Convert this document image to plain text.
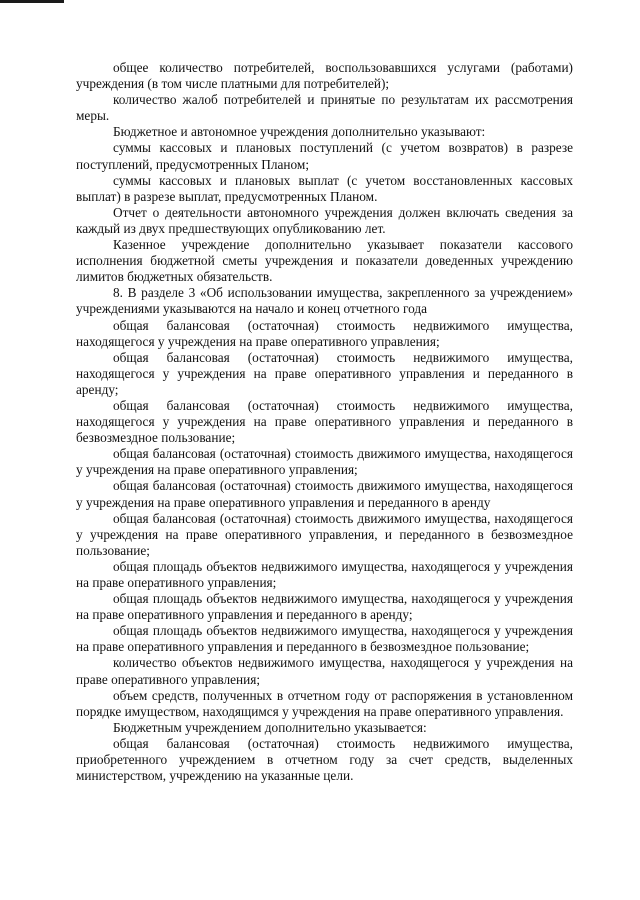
общее количество потребителей, воспользовавшихся услугами (работами) учреждения (в том числе платными для потребителей);

количество жалоб потребителей и принятые по результатам их рассмотрения меры.

Бюджетное и автономное учреждения дополнительно указывают:

суммы кассовых и плановых поступлений (с учетом возвратов) в разрезе поступлений, предусмотренных Планом;

суммы кассовых и плановых выплат (с учетом восстановленных кассовых выплат) в разрезе выплат, предусмотренных Планом.

Отчет о деятельности автономного учреждения должен включать сведения за каждый из двух предшествующих опубликованию лет.

Казенное учреждение дополнительно указывает показатели кассового исполнения бюджетной сметы учреждения и показатели доведенных учреждению лимитов бюджетных обязательств.

8. В разделе 3 «Об использовании имущества, закрепленного за учреждением» учреждениями указываются на начало и конец отчетного года

общая балансовая (остаточная) стоимость недвижимого имущества, находящегося у учреждения на праве оперативного управления;

общая балансовая (остаточная) стоимость недвижимого имущества, находящегося у учреждения на праве оперативного управления и переданного в аренду;

общая балансовая (остаточная) стоимость недвижимого имущества, находящегося у учреждения на праве оперативного управления и переданного в безвозмездное пользование;

общая балансовая (остаточная) стоимость движимого имущества, находящегося у учреждения на праве оперативного управления;

общая балансовая (остаточная) стоимость движимого имущества, находящегося у учреждения на праве оперативного управления и переданного в аренду

общая балансовая (остаточная) стоимость движимого имущества, находящегося у учреждения на праве оперативного управления, и переданного в безвозмездное пользование;

общая площадь объектов недвижимого имущества, находящегося у учреждения на праве оперативного управления;

общая площадь объектов недвижимого имущества, находящегося у учреждения на праве оперативного управления и переданного в аренду;

общая площадь объектов недвижимого имущества, находящегося у учреждения на праве оперативного управления и переданного в безвозмездное пользование;

количество объектов недвижимого имущества, находящегося у учреждения на праве оперативного управления;

объем средств, полученных в отчетном году от распоряжения в установленном порядке имуществом, находящимся у учреждения на праве оперативного управления.

Бюджетным учреждением дополнительно указывается:

общая балансовая (остаточная) стоимость недвижимого имущества, приобретенного учреждением в отчетном году за счет средств, выделенных министерством, учреждению на указанные цели.
